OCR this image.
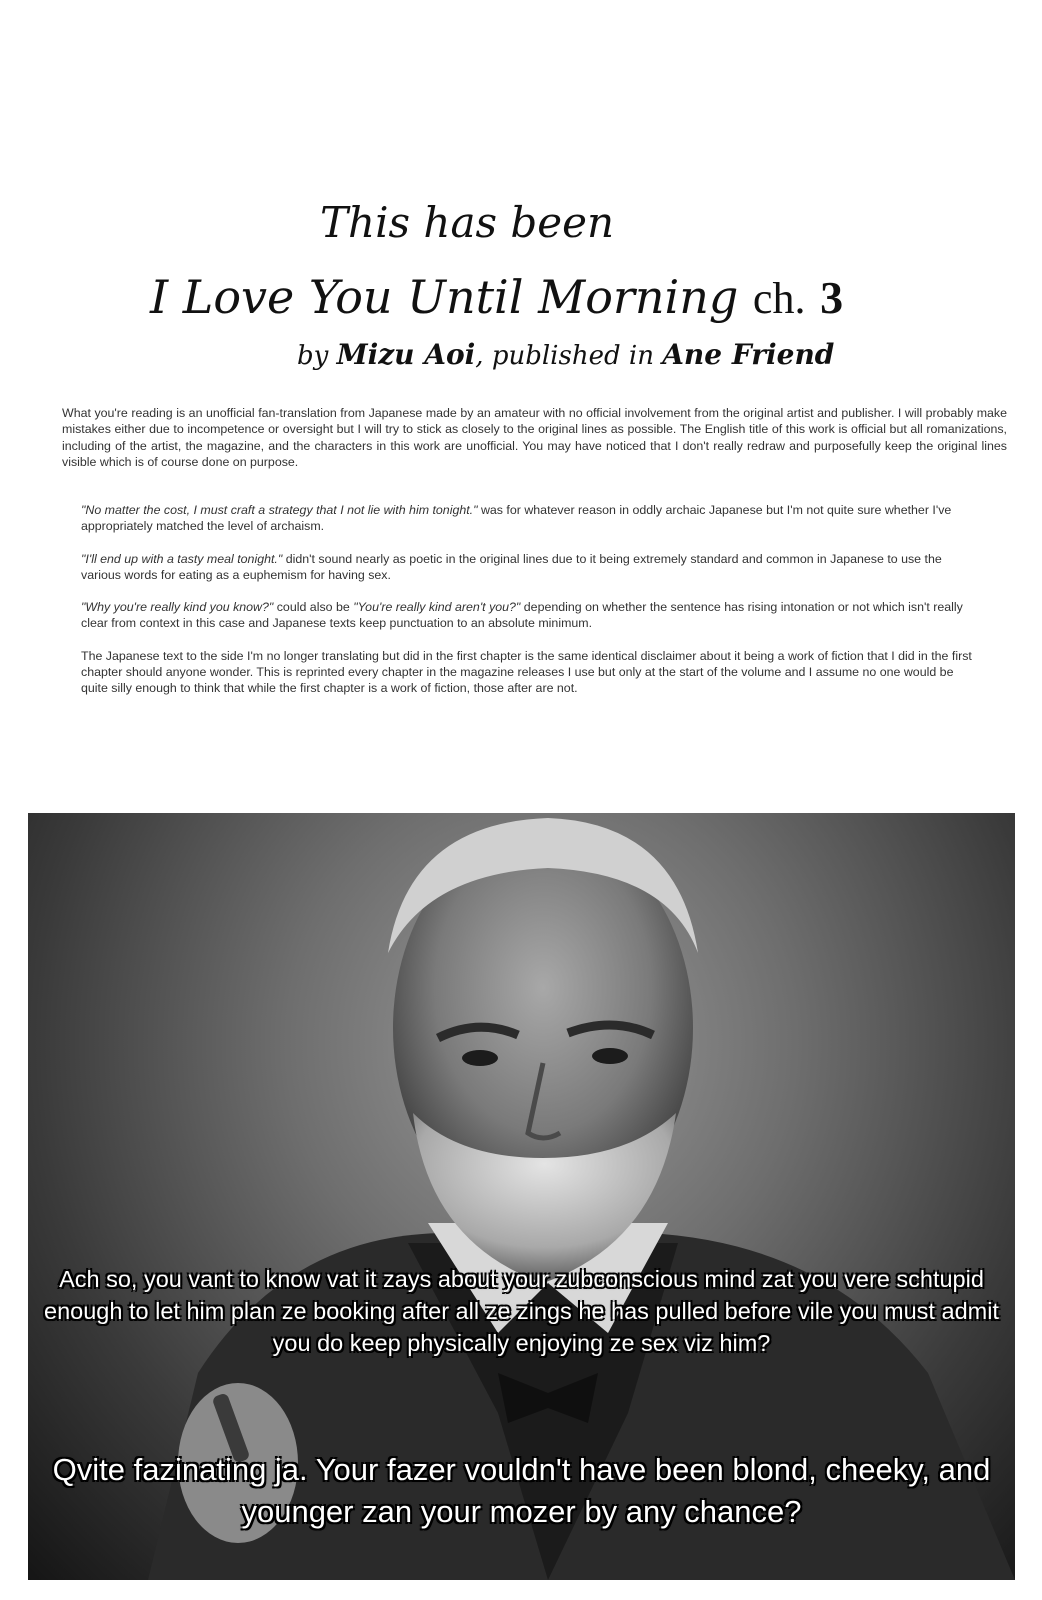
This has been
I Love You Until Morning ch. 3
by Mizu Aoi, published in Ane Friend
What you're reading is an unofficial fan-translation from Japanese made by an amateur with no official involvement from the original artist and publisher. I will probably make mistakes either due to incompetence or oversight but I will try to stick as closely to the original lines as possible. The English title of this work is official but all romanizations, including of the artist, the magazine, and the characters in this work are unofficial. You may have noticed that I don't really redraw and purposefully keep the original lines visible which is of course done on purpose.

"No matter the cost, I must craft a strategy that I not lie with him tonight." was for whatever reason in oddly archaic Japanese but I'm not quite sure whether I've appropriately matched the level of archaism.

"I'll end up with a tasty meal tonight." didn't sound nearly as poetic in the original lines due to it being extremely standard and common in Japanese to use the various words for eating as a euphemism for having sex.

"Why you're really kind you know?" could also be "You're really kind aren't you?" depending on whether the sentence has rising intonation or not which isn't really clear from context in this case and Japanese texts keep punctuation to an absolute minimum.

The Japanese text to the side I'm no longer translating but did in the first chapter is the same identical disclaimer about it being a work of fiction that I did in the first chapter should anyone wonder. This is reprinted every chapter in the magazine releases I use but only at the start of the volume and I assume no one would be quite silly enough to think that while the first chapter is a work of fiction, those after are not.

Ach so, you vant to know vat it zays about your zubconscious mind zat you vere schtupid enough to let him plan ze booking after all ze zings he has pulled before vile you must admit you do keep physically enjoying ze sex viz him?
Qvite fazinating ja. Your fazer vouldn't have been blond, cheeky, and younger zan your mozer by any chance?
